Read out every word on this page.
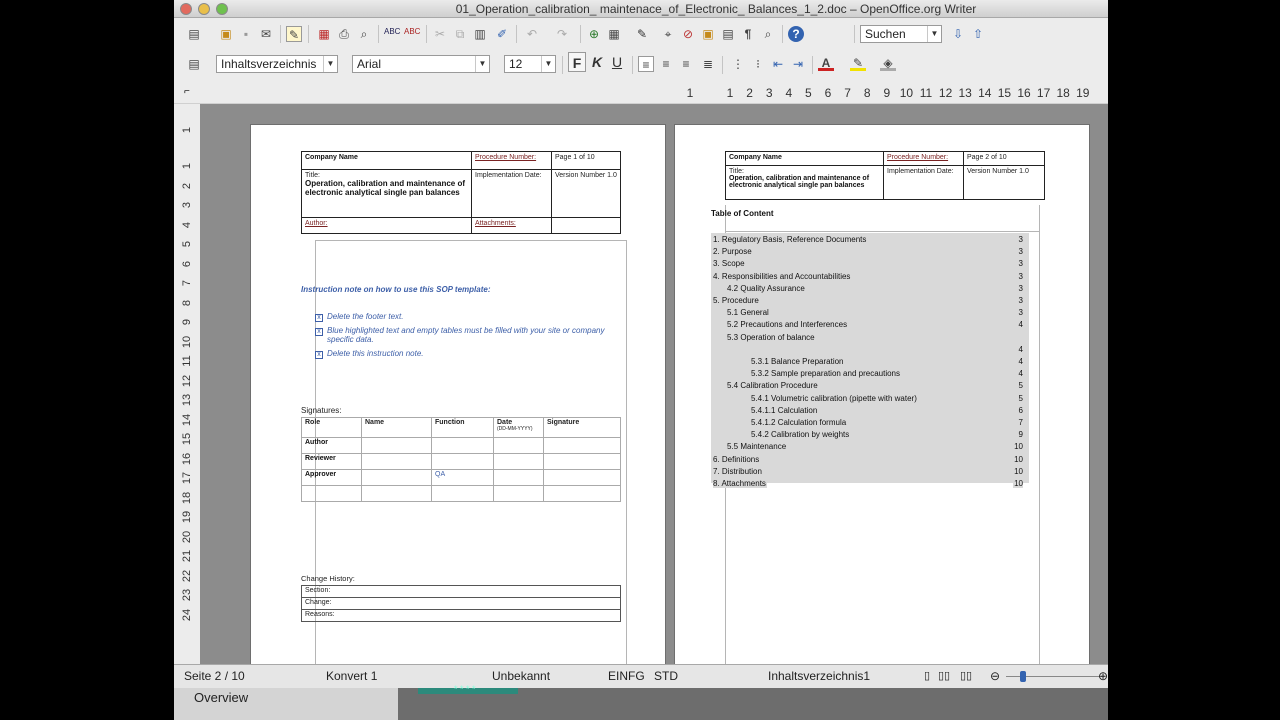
01_Operation_calibration_ maintenace_of_Electronic_ Balances_1_2.doc – OpenOffice.org Writer
▤ ▣	▪	✉ ✎ ▦ ⎙ ⌕	ABC ABC ✂ ⧉ ▥ ✐ ↶ ↷ ⊕ ▦ ✎	⌖ ⊘ ▣ ▤ ¶	⌕	?	Suchen	▼ ⇩ ⇧
▤	Inhaltsverzeichnis	▼	Arial	▼	12	▼	F K U	≡	≡	≡	≣ ⋮	⁝	⇤ ⇥	A	✎ ◈
⌐	1	1	2	3	4	5	6	7	8	9 10 11 12 13 14 15 16 17 18 19
1
1
2
3
4
5
6
7
8
9
10
11
12
13
14
15
16
17
18
19
20
21
22
23
24
Company Name	Procedure Number:	Page 1 of 10

Title:
Operation, calibration and maintenance of electronic analytical single pan balances	Implementation Date:	Version Number 1.0
Author:	Attachments:	
Instruction note on how to use this SOP template:
x Delete the footer text.
x Blue highlighted text and empty tables must be filled with your site or company specific data.
x Delete this instruction note.
Signatures:
Role	Name	Function	Date
(DD-MM-YYYY)	Signature
Author				
Reviewer				
Approver		QA		

Change History:
Section:
Change:
Reasons:
Company Name	Procedure Number:	Page 2 of 10

Title:
Operation, calibration and maintenance of electronic analytical single pan balances	Implementation Date:	Version Number 1.0
Table of Content
1. Regulatory Basis, Reference Documents	3
2. Purpose	3
3. Scope	3
4. Responsibilities and Accountabilities	3
4.2 Quality Assurance	3
5. Procedure	3
5.1 General	3
5.2 Precautions and Interferences	4
5.3 Operation of balance
4
5.3.1 Balance Preparation	4
5.3.2 Sample preparation and precautions	4
5.4 Calibration Procedure	5
5.4.1 Volumetric calibration (pipette with water)	5
5.4.1.1 Calculation	6
5.4.1.2 Calculation formula	7
5.4.2 Calibration by weights	9
5.5 Maintenance	10
6. Definitions	10
7. Distribution	10
8. Attachments	10
Seite 2 / 10	Konvert 1	Unbekannt	EINFG STD	Inhaltsverzeichnis1	▯ ▯▯ ▯▯ ⊖	⊕
Overview
* * * *
